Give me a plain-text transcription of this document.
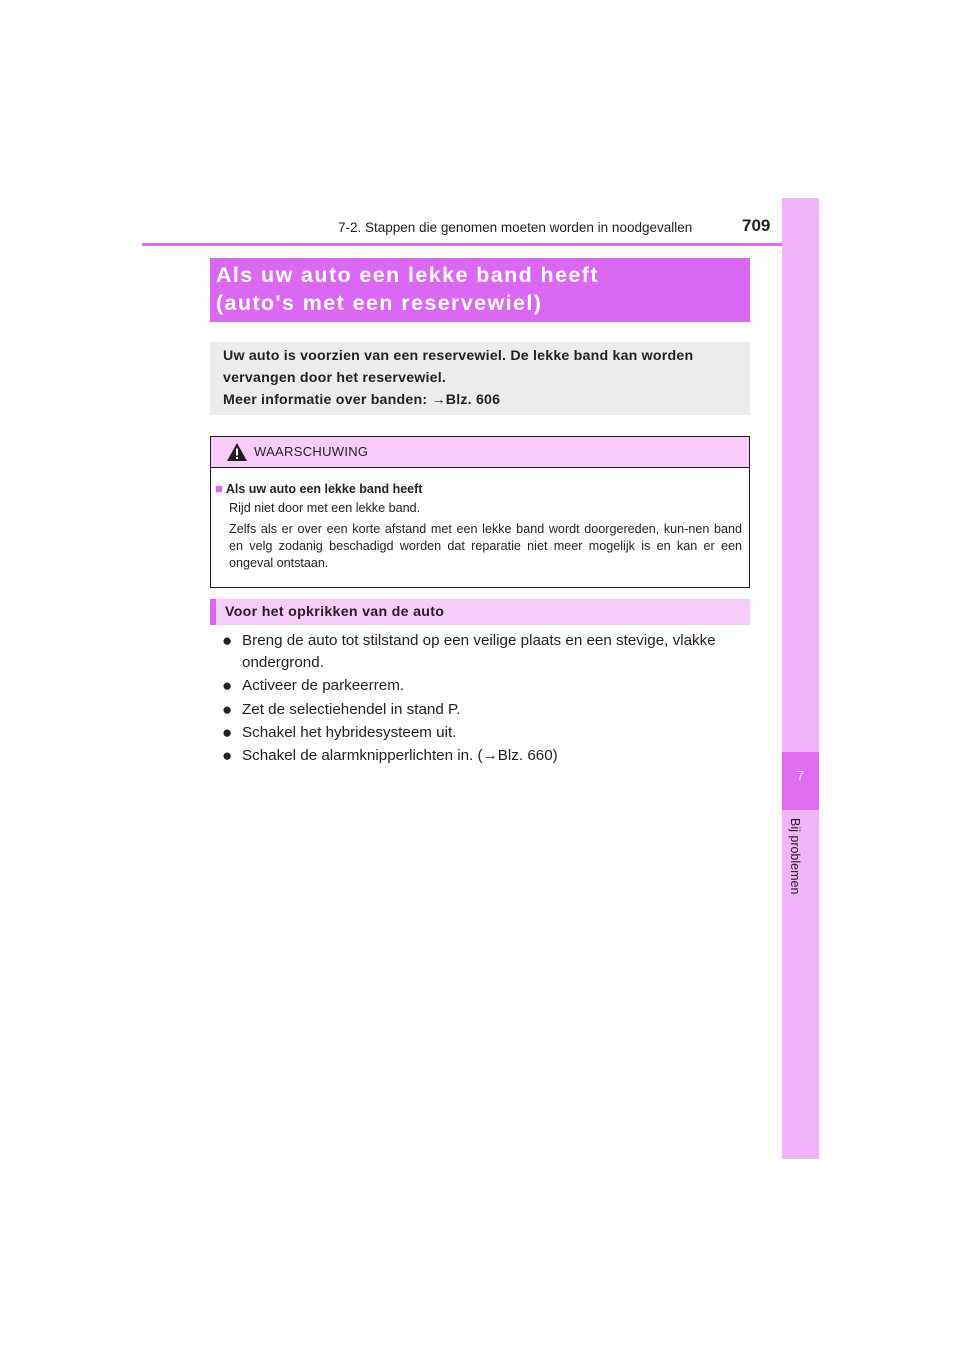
7-2. Stappen die genomen moeten worden in noodgevallen	709
7
Bij problemen
Als uw auto een lekke band heeft
(auto's met een reservewiel)
Uw auto is voorzien van een reservewiel. De lekke band kan worden
vervangen door het reservewiel.
Meer informatie over banden: →Blz. 606
WAARSCHUWING
■ Als uw auto een lekke band heeft
Rijd niet door met een lekke band.
Zelfs als er over een korte afstand met een lekke band wordt doorgereden, kun-nen band en velg zodanig beschadigd worden dat reparatie niet meer mogelijk is en kan er een ongeval ontstaan.
Voor het opkrikken van de auto
● Breng de auto tot stilstand op een veilige plaats en een stevige, vlakke ondergrond.
● Activeer de parkeerrem.
● Zet de selectiehendel in stand P.
● Schakel het hybridesysteem uit.
● Schakel de alarmknipperlichten in. (→Blz. 660)
